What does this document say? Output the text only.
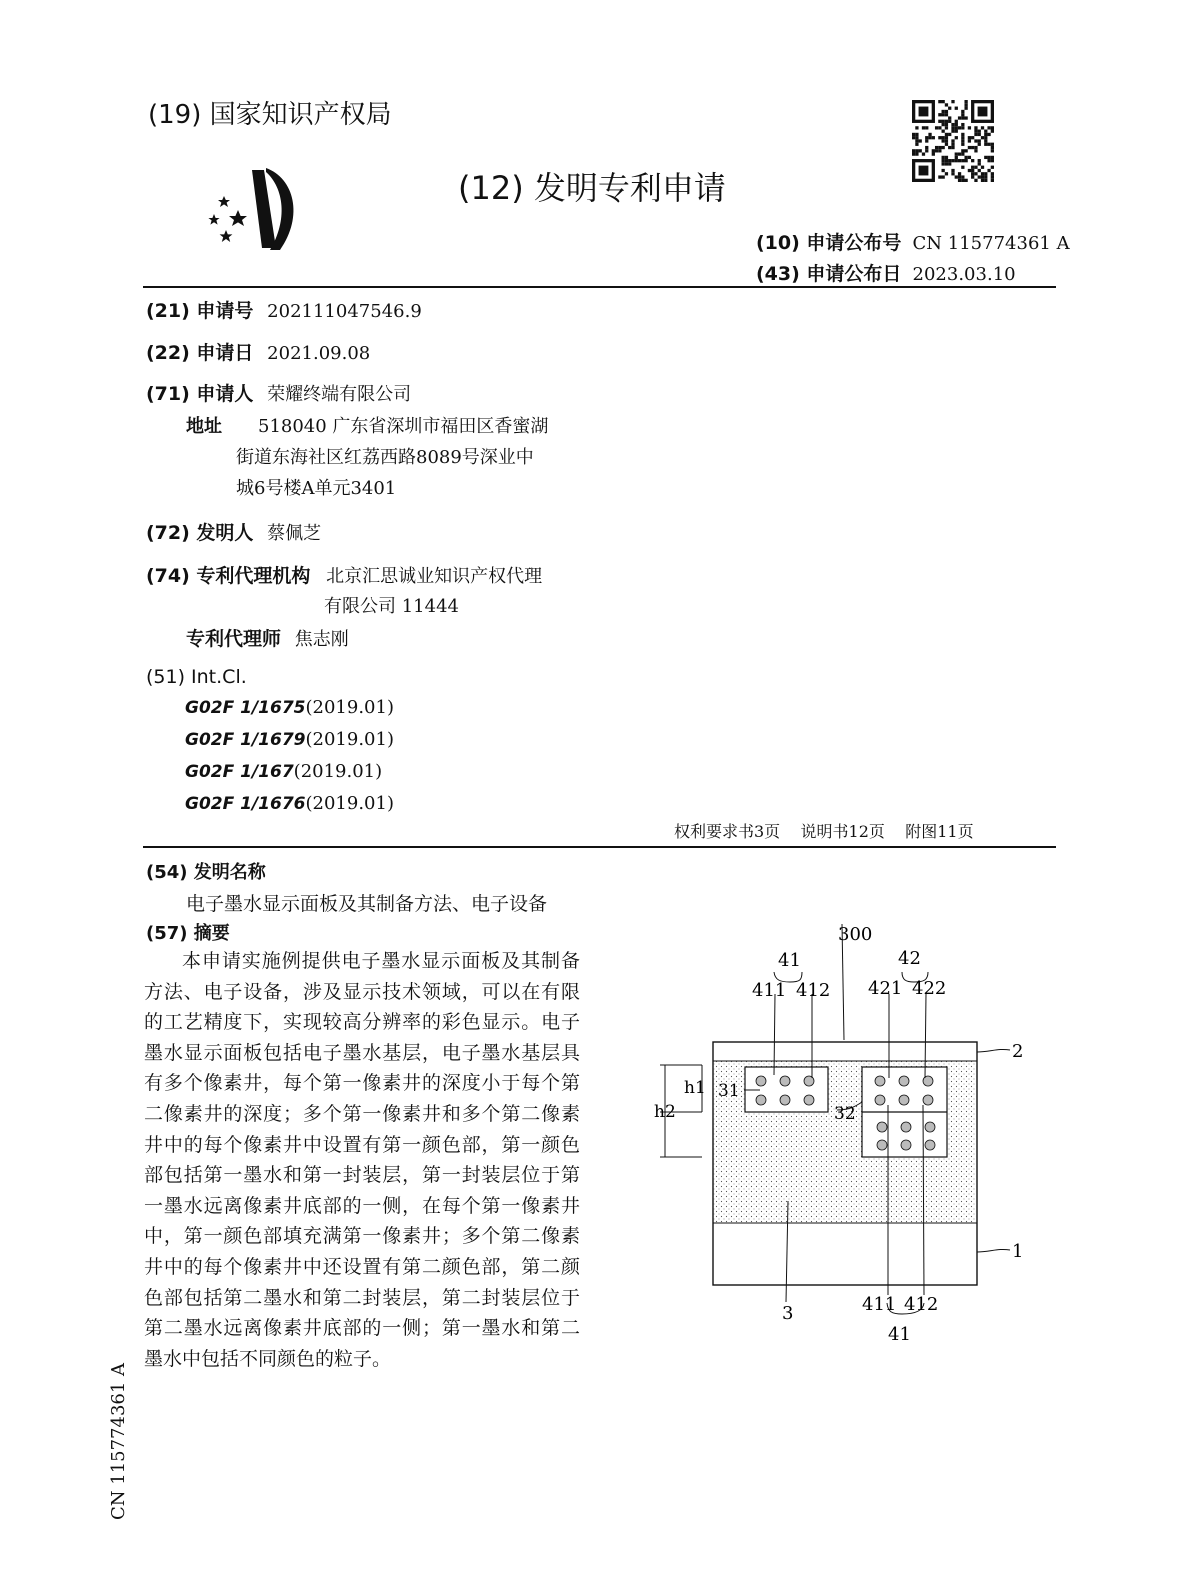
(19) 国家知识产权局
(12) 发明专利申请
(10) 申请公布号 CN 115774361 A
(43) 申请公布日 2023.03.10
(21) 申请号 202111047546.9
(22) 申请日 2021.09.08
(71) 申请人 荣耀终端有限公司
地址 518040 广东省深圳市福田区香蜜湖
街道东海社区红荔西路8089号深业中
城6号楼A单元3401
(72) 发明人 蔡佩芝
(74) 专利代理机构 北京汇思诚业知识产权代理
有限公司 11444
专利代理师 焦志刚
(51) Int.Cl.
G02F 1/1675(2019.01)
G02F 1/1679(2019.01)
G02F 1/167(2019.01)
G02F 1/1676(2019.01)
权利要求书3页    说明书12页    附图11页
(54) 发明名称
电子墨水显示面板及其制备方法、电子设备
(57) 摘要
本申请实施例提供电子墨水显示面板及其制备方法、电子设备，涉及显示技术领域，可以在有限的工艺精度下，实现较高分辨率的彩色显示。电子墨水显示面板包括电子墨水基层，电子墨水基层具有多个像素井，每个第一像素井的深度小于每个第二像素井的深度；多个第一像素井和多个第二像素井中的每个像素井中设置有第一颜色部，第一颜色部包括第一墨水和第一封装层，第一封装层位于第一墨水远离像素井底部的一侧，在每个第一像素井中，第一颜色部填充满第一像素井；多个第二像素井中的每个像素井中还设置有第二颜色部，第二颜色部包括第二墨水和第二封装层，第二封装层位于第二墨水远离像素井底部的一侧；第一墨水和第二墨水中包括不同颜色的粒子。
CN 115774361 A
300
41	42
411 412 421 422
2
1
h1
h2
31
32
3	411 412
41
